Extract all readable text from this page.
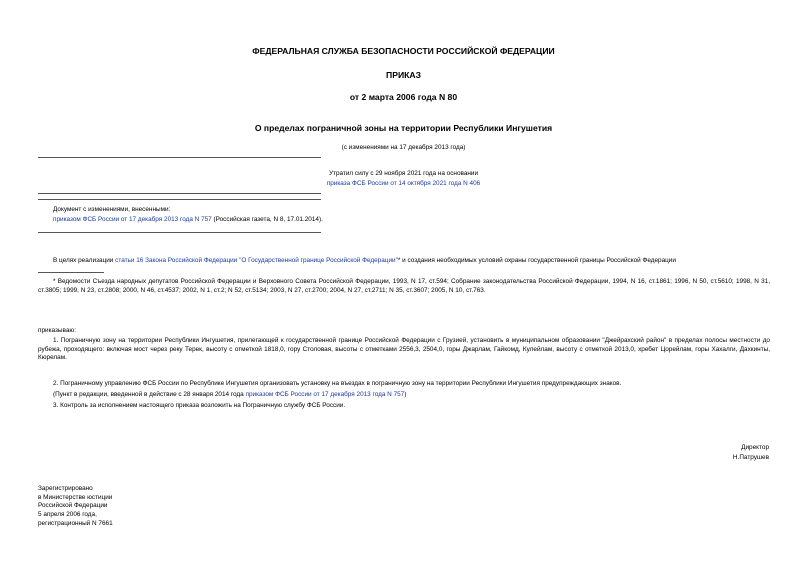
ФЕДЕРАЛЬНАЯ СЛУЖБА БЕЗОПАСНОСТИ РОССИЙСКОЙ ФЕДЕРАЦИИ
ПРИКАЗ
от 2 марта 2006 года N 80
О пределах пограничной зоны на территории Республики Ингушетия
(с изменениями на 17 декабря 2013 года)
Утратил силу с 29 ноября 2021 года на основании
приказа ФСБ России от 14 октября 2021 года N 406
Документ с изменениями, внесенными:
приказом ФСБ России от 17 декабря 2013 года N 757 (Российская газета, N 8, 17.01.2014).
В целях реализации статьи 16 Закона Российской Федерации "О Государственной границе Российской Федерации"* и создания необходимых условий охраны государственной границы Российской Федерации
* Ведомости Съезда народных депутатов Российской Федерации и Верховного Совета Российской Федерации, 1993, N 17, ст.594; Собрание законодательства Российской Федерации, 1994, N 16, ст.1861; 1996, N 50, ст.5610; 1998, N 31, ст.3805; 1999, N 23, ст.2808; 2000, N 46, ст.4537; 2002, N 1, ст.2; N 52, ст.5134; 2003, N 27, ст.2700; 2004, N 27, ст.2711; N 35, ст.3607; 2005, N 10, ст.763.
приказываю:
1. Пограничную зону на территории Республики Ингушетия, прилегающей к государственной границе Российской Федерации с Грузией, установить в муниципальном образовании "Джейрахский район" в пределах полосы местности до рубежа, проходящего: включая мост через реку Терек, высоту с отметкой 1818,0, гору Столовая, высоты с отметками 2556,3, 2504,0, горы Джарлам, Гайкомд, Кулейлам, высоту с отметкой 2013,0, хребет Цорейлам, горы Хахалги, Дахкинты, Кюрелам.
2. Пограничному управлению ФСБ России по Республике Ингушетия организовать установку на въездах в пограничную зону на территории Республики Ингушетия предупреждающих знаков.
(Пункт в редакции, введенной в действие с 28 января 2014 года приказом ФСБ России от 17 декабря 2013 года N 757)
3. Контроль за исполнением настоящего приказа возложить на Пограничную службу ФСБ России.
Директор
Н.Патрушев
Зарегистрировано
в Министерстве юстиции
Российской Федерации
5 апреля 2006 года,
регистрационный N 7661
